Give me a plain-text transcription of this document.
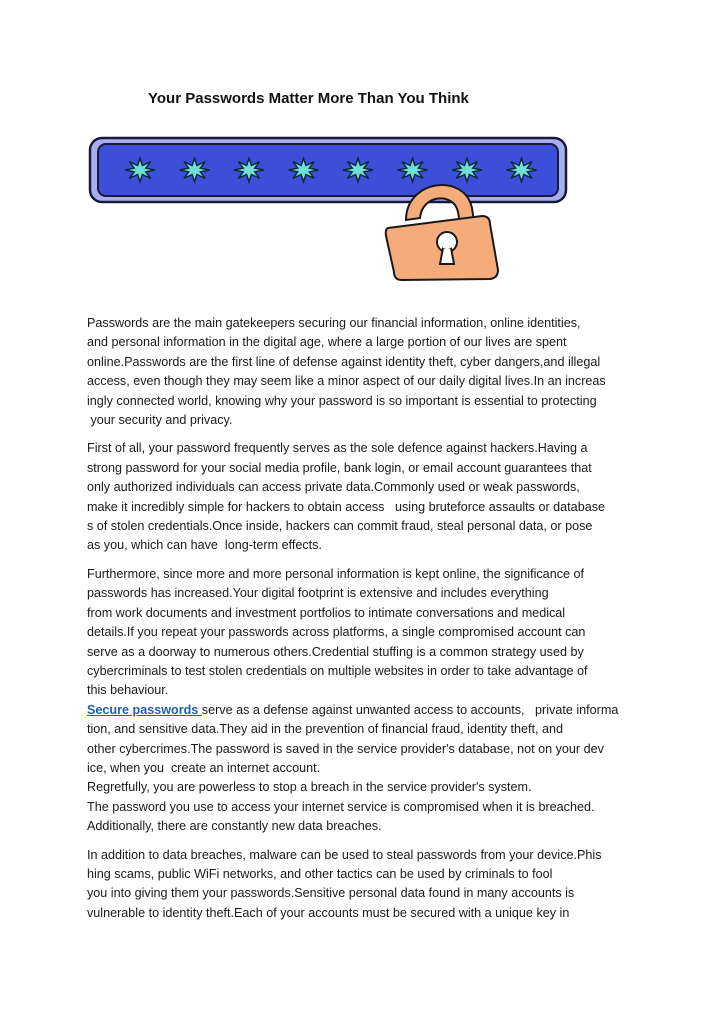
Your Passwords Matter More Than You Think

Passwords are the main gatekeepers securing our financial information, online identities,
and personal information in the digital age, where a large portion of our lives are spent
online.Passwords are the first line of defense against identity theft, cyber dangers,and illegal
access, even though they may seem like a minor aspect of our daily digital lives.In an increas
ingly connected world, knowing why your password is so important is essential to protecting
your security and privacy.

First of all, your password frequently serves as the sole defence against hackers.Having a
strong password for your social media profile, bank login, or email account guarantees that
only authorized individuals can access private data.Commonly used or weak passwords,
make it incredibly simple for hackers to obtain access   using bruteforce assaults or database
s of stolen credentials.Once inside, hackers can commit fraud, steal personal data, or pose
as you, which can have  long-term effects.

Furthermore, since more and more personal information is kept online, the significance of
passwords has increased.Your digital footprint is extensive and includes everything
from work documents and investment portfolios to intimate conversations and medical
details.If you repeat your passwords across platforms, a single compromised account can
serve as a doorway to numerous others.Credential stuffing is a common strategy used by
cybercriminals to test stolen credentials on multiple websites in order to take advantage of
this behaviour.

Secure passwords serve as a defense against unwanted access to accounts,   private informa
tion, and sensitive data.They aid in the prevention of financial fraud, identity theft, and
other cybercrimes.The password is saved in the service provider's database, not on your dev
ice, when you  create an internet account.
Regretfully, you are powerless to stop a breach in the service provider's system.
The password you use to access your internet service is compromised when it is breached.
Additionally, there are constantly new data breaches.

In addition to data breaches, malware can be used to steal passwords from your device.Phis
hing scams, public WiFi networks, and other tactics can be used by criminals to fool
you into giving them your passwords.Sensitive personal data found in many accounts is
vulnerable to identity theft.Each of your accounts must be secured with a unique key in
